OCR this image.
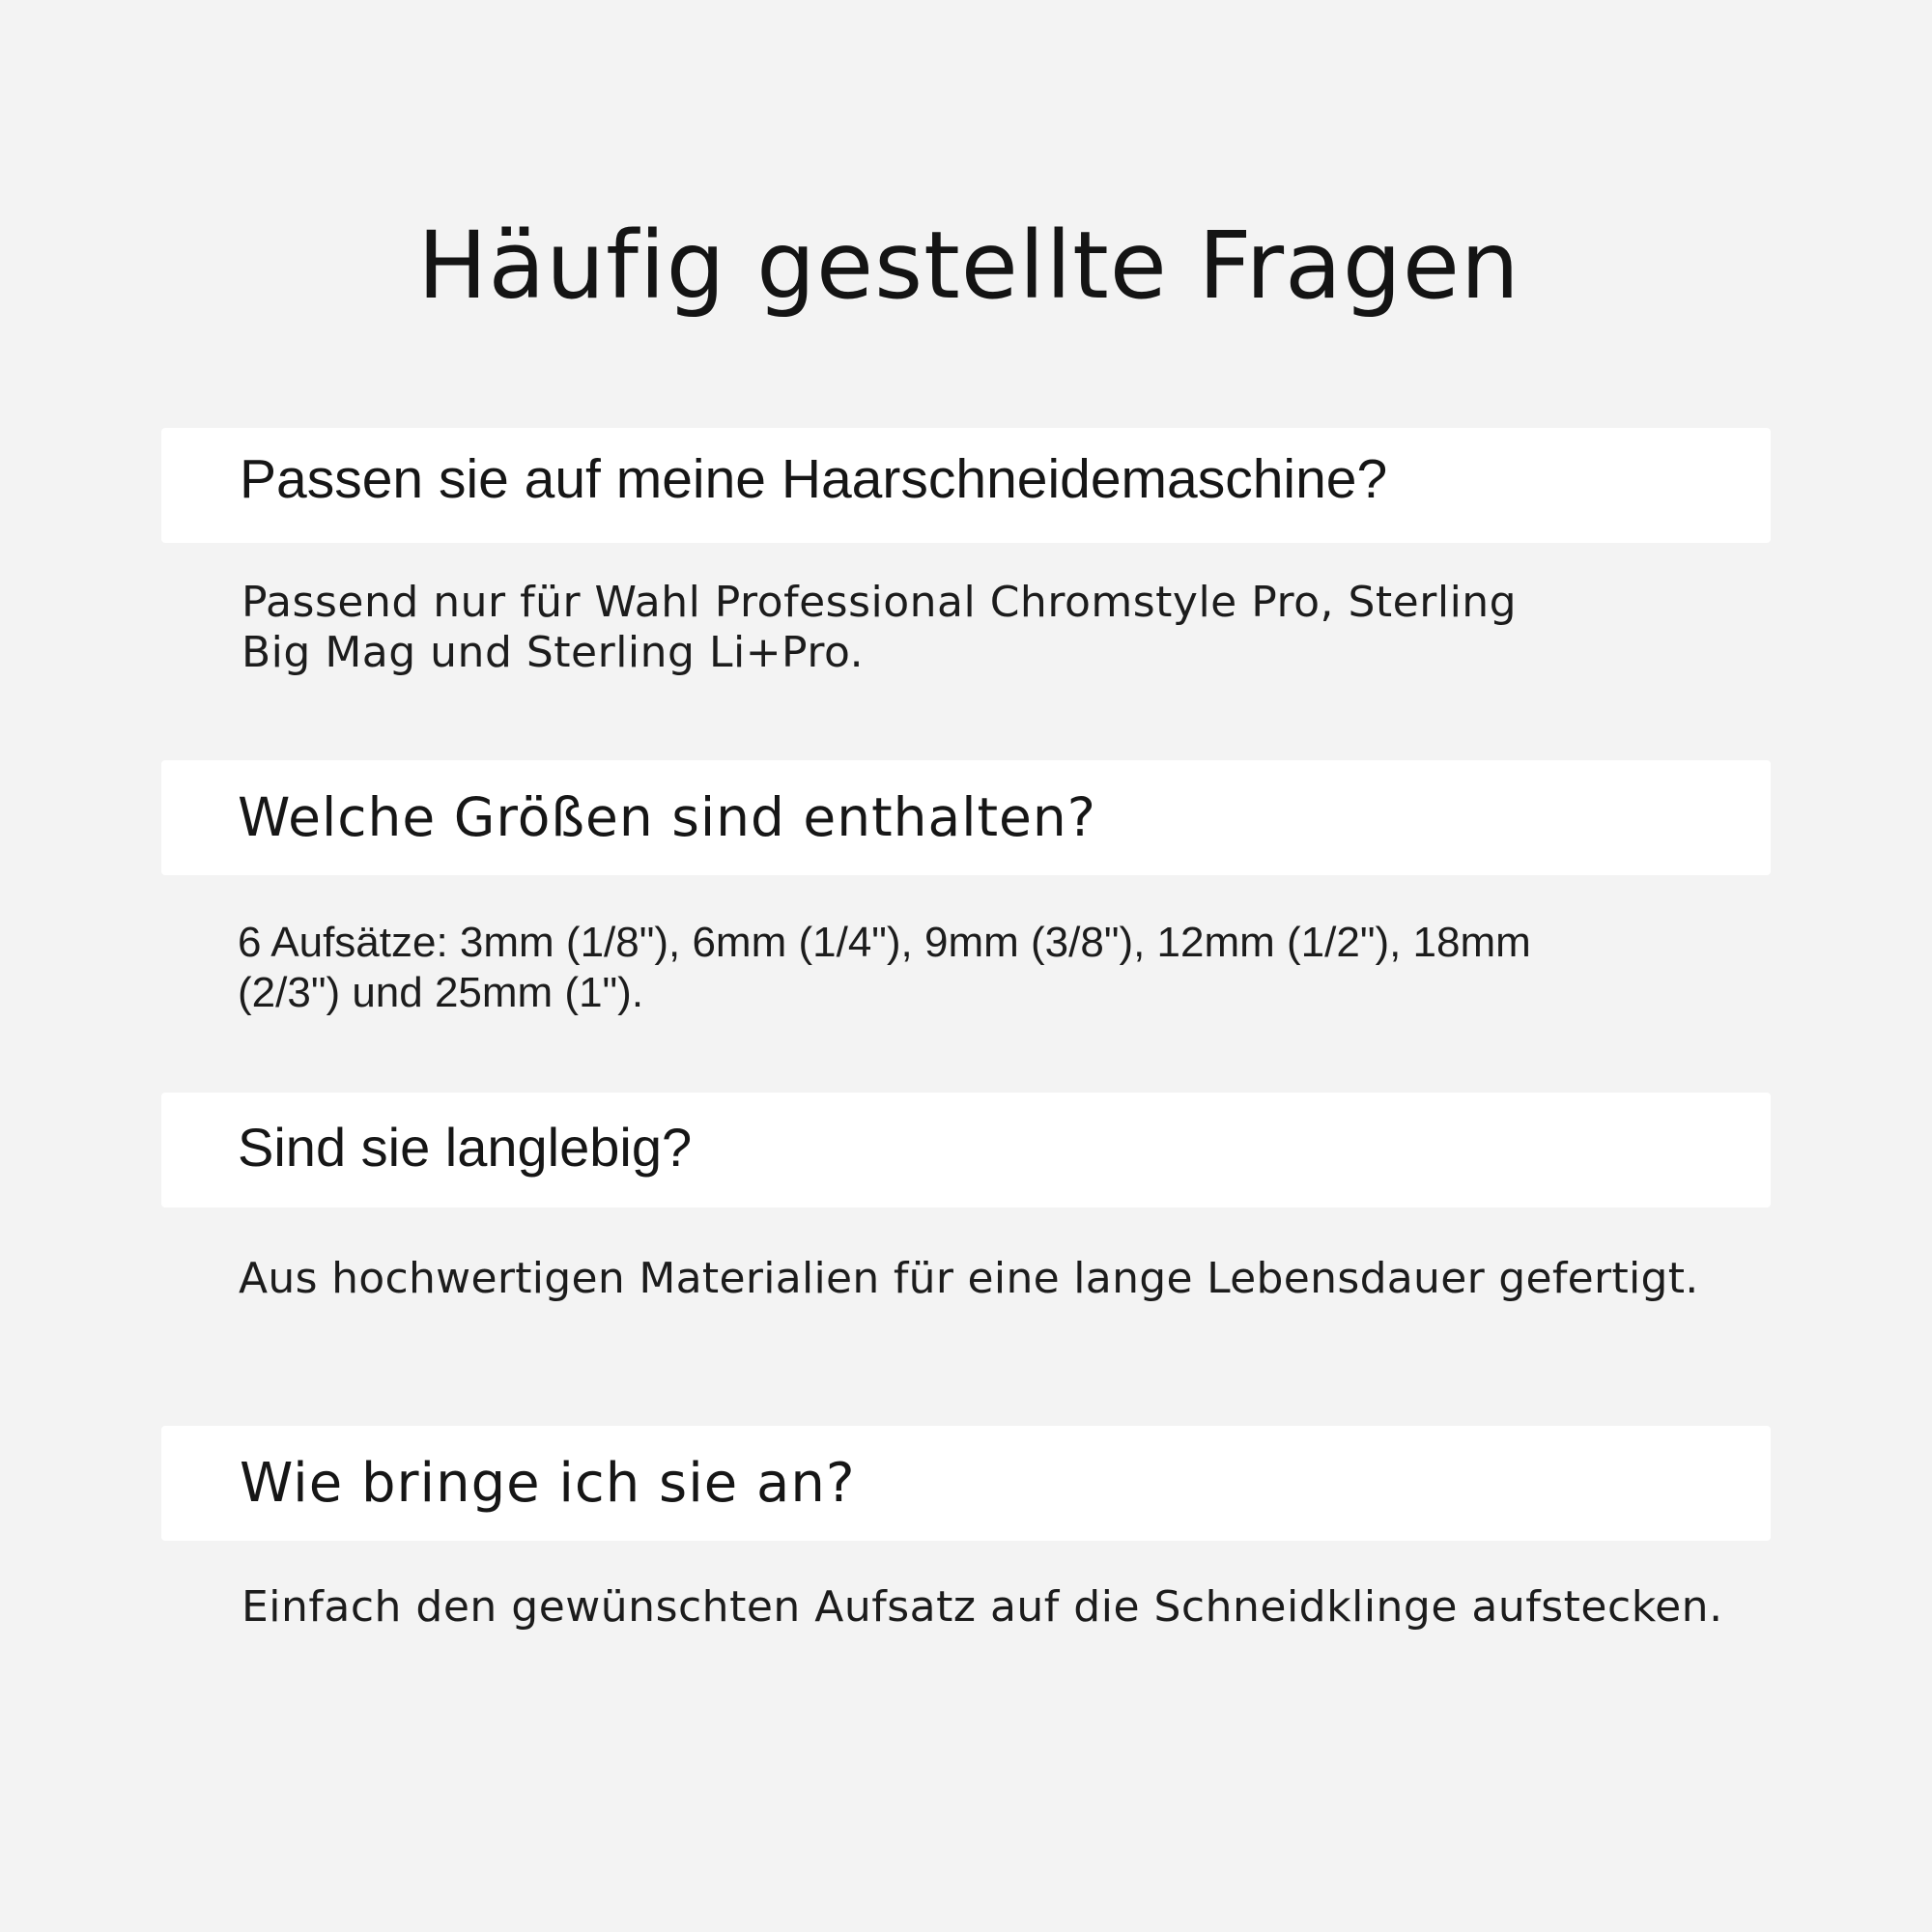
Häufig gestellte Fragen
Passen sie auf meine Haarschneidemaschine?

Passend nur für Wahl Professional Chromstyle Pro, Sterling
Big Mag und Sterling Li+Pro.

Welche Größen sind enthalten?

6 Aufsätze: 3mm (1/8"), 6mm (1/4"), 9mm (3/8"), 12mm (1/2"), 18mm
(2/3") und 25mm (1").

Sind sie langlebig?

Aus hochwertigen Materialien für eine lange Lebensdauer gefertigt.

Wie bringe ich sie an?

Einfach den gewünschten Aufsatz auf die Schneidklinge aufstecken.
